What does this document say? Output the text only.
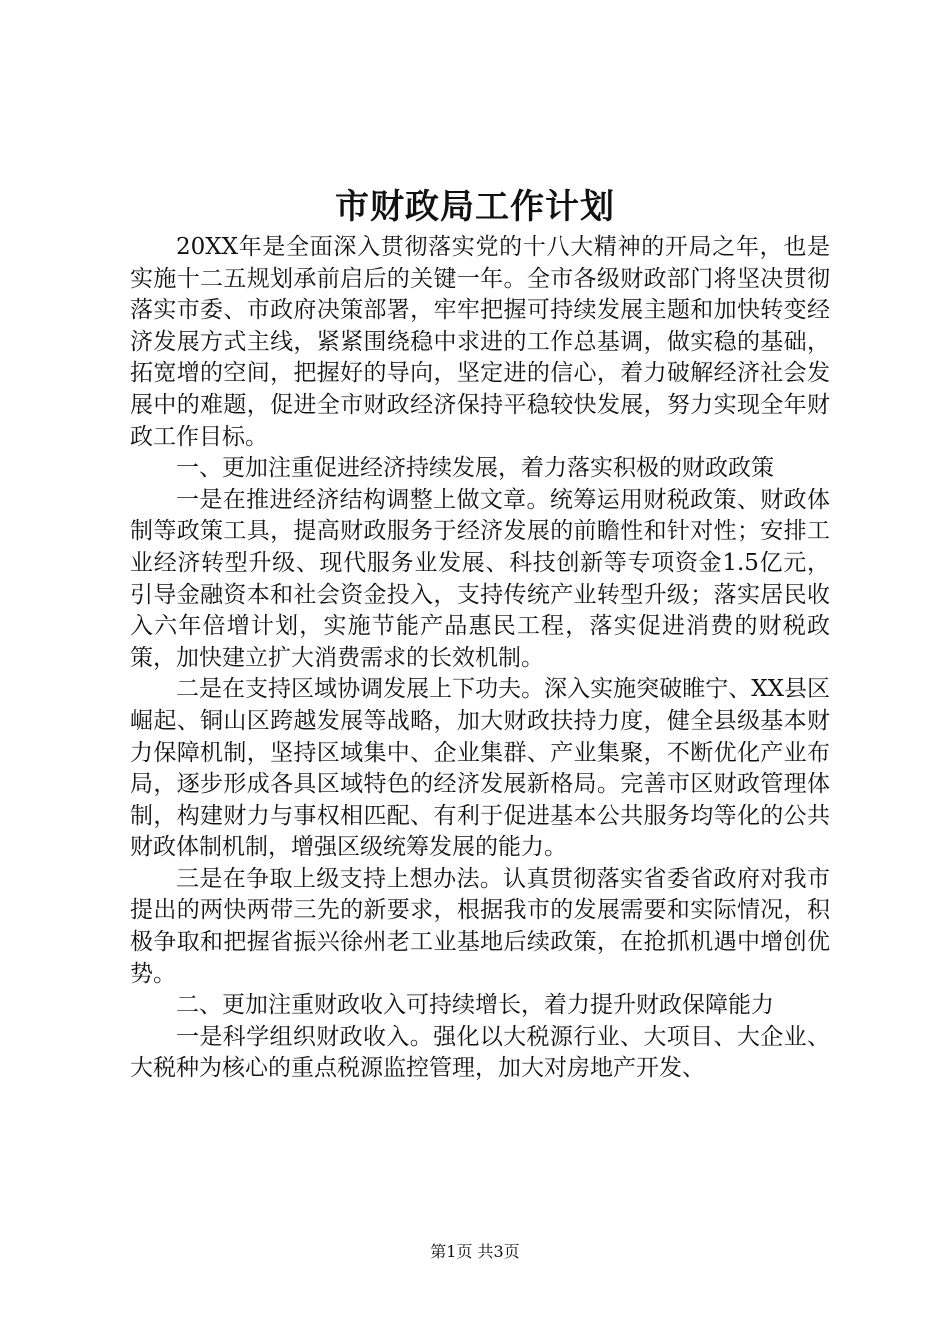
市财政局工作计划

20XX年是全面深入贯彻落实党的十八大精神的开局之年，也是实施十二五规划承前启后的关键一年。全市各级财政部门将坚决贯彻落实市委、市政府决策部署，牢牢把握可持续发展主题和加快转变经济发展方式主线，紧紧围绕稳中求进的工作总基调，做实稳的基础，拓宽增的空间，把握好的导向，坚定进的信心，着力破解经济社会发展中的难题，促进全市财政经济保持平稳较快发展，努力实现全年财政工作目标。

一、更加注重促进经济持续发展，着力落实积极的财政政策

一是在推进经济结构调整上做文章。统筹运用财税政策、财政体制等政策工具，提高财政服务于经济发展的前瞻性和针对性；安排工业经济转型升级、现代服务业发展、科技创新等专项资金1.5亿元，引导金融资本和社会资金投入，支持传统产业转型升级；落实居民收入六年倍增计划，实施节能产品惠民工程，落实促进消费的财税政策，加快建立扩大消费需求的长效机制。

二是在支持区域协调发展上下功夫。深入实施突破睢宁、XX县区崛起、铜山区跨越发展等战略，加大财政扶持力度，健全县级基本财力保障机制，坚持区域集中、企业集群、产业集聚，不断优化产业布局，逐步形成各具区域特色的经济发展新格局。完善市区财政管理体制，构建财力与事权相匹配、有利于促进基本公共服务均等化的公共财政体制机制，增强区级统筹发展的能力。

三是在争取上级支持上想办法。认真贯彻落实省委省政府对我市提出的两快两带三先的新要求，根据我市的发展需要和实际情况，积极争取和把握省振兴徐州老工业基地后续政策，在抢抓机遇中增创优势。

二、更加注重财政收入可持续增长，着力提升财政保障能力

一是科学组织财政收入。强化以大税源行业、大项目、大企业、大税种为核心的重点税源监控管理，加大对房地产开发、

第1页 共3页
